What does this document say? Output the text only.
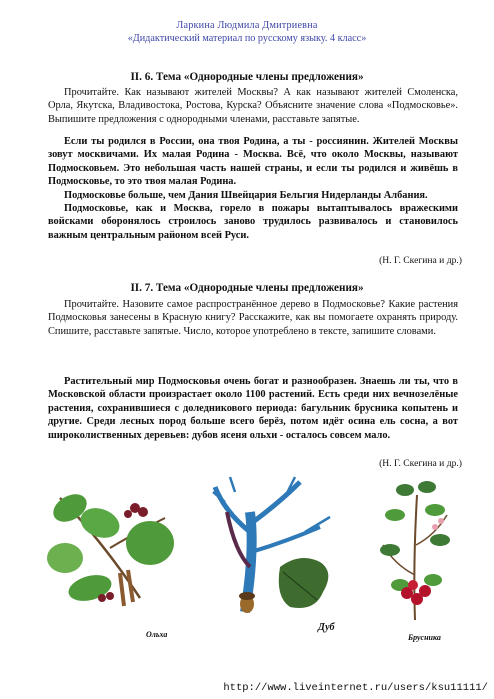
Ларкина Людмила Дмитриевна
«Дидактический материал по русскому языку. 4 класс»
II. 6. Тема «Однородные члены предложения»

Прочитайте. Как называют жителей Москвы? А как называют жителей Смоленска, Орла, Якутска, Владивостока, Ростова, Курска? Объясните значение слова «Подмосковье». Выпишите предложения с однородными членами, расставьте запятые.

Если ты родился в России, она твоя Родина, а ты - россиянин. Жителей Москвы зовут москвичами. Их малая Родина - Москва. Всё, что около Москвы, называют Подмосковьем. Это небольшая часть нашей страны, и если ты родился и живёшь в Подмосковье, то это твоя малая Родина.

Подмосковье больше, чем Дания Швейцария Бельгия Нидерланды Албания.

Подмосковье, как и Москва, горело в пожары вытаптывалось вражескими войсками оборонялось строилось заново трудилось развивалось и становилось важным центральным районом всей Руси.

(Н. Г. Скегина и др.)
II. 7. Тема «Однородные члены предложения»

Прочитайте. Назовите самое распространённое дерево в Подмосковье? Какие растения Подмосковья занесены в Красную книгу? Расскажите, как вы помогаете охранять природу. Спишите, расставьте запятые. Число, которое употреблено в тексте, запишите словами.

Растительный мир Подмосковья очень богат и разнообразен. Знаешь ли ты, что в Московской области произрастает около 1100 растений. Есть среди них вечнозелёные растения, сохранившиеся с доледникового периода: багульник брусника копытень и другие. Среди лесных пород больше всего берёз, потом идёт осина ель сосна, а вот широколиственных деревьев: дубов ясеня ольхи - осталось совсем мало.

(Н. Г. Скегина и др.)
Ольха
Дуб
Брусника
http://www.liveinternet.ru/users/ksu11111/
